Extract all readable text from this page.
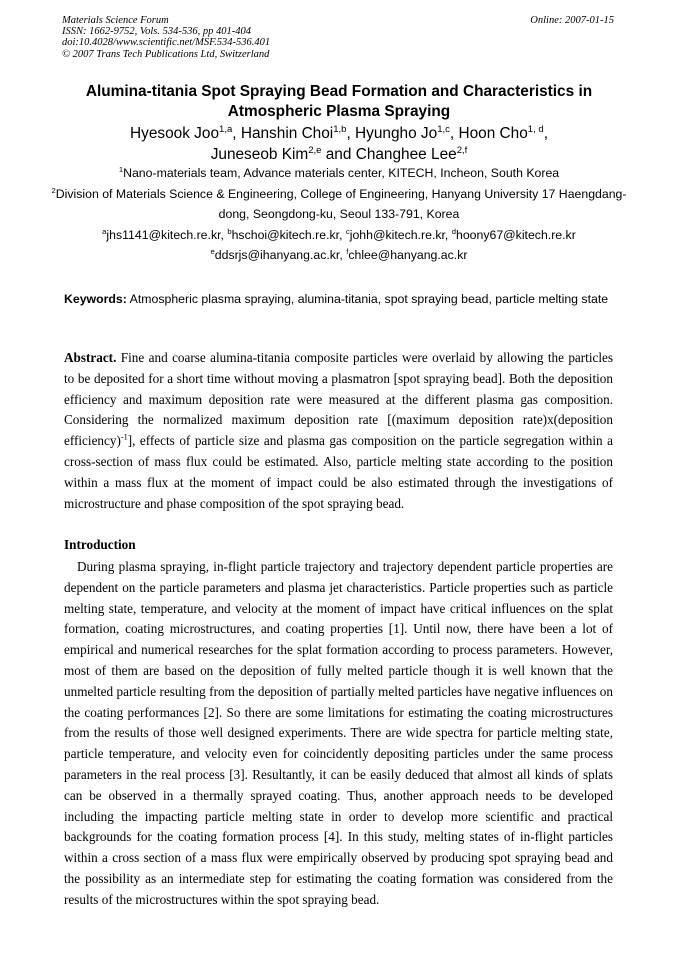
Materials Science Forum
ISSN: 1662-9752, Vols. 534-536, pp 401-404
doi:10.4028/www.scientific.net/MSF.534-536.401
© 2007 Trans Tech Publications Ltd, Switzerland
Online: 2007-01-15
Alumina-titania Spot Spraying Bead Formation and Characteristics in Atmospheric Plasma Spraying
Hyesook Joo$^{1,a}$, Hanshin Choi$^{1,b}$, Hyungho Jo$^{1,c}$, Hoon Cho$^{1, d}$,
Juneseob Kim$^{2,e}$ and Changhee Lee$^{2,f}$
$^1$Nano-materials team, Advance materials center, KITECH, Incheon, South Korea
$^2$Division of Materials Science & Engineering, College of Engineering, Hanyang University 17 Haengdang-dong, Seongdong-ku, Seoul 133-791, Korea
$^a$jhs1141@kitech.re.kr, $^b$hschoi@kitech.re.kr, $^c$johh@kitech.re.kr, $^d$hoony67@kitech.re.kr
$^e$ddsrjs@ihanyang.ac.kr, $^f$chlee@hanyang.ac.kr
Keywords: Atmospheric plasma spraying, alumina-titania, spot spraying bead, particle melting state
Abstract. Fine and coarse alumina-titania composite particles were overlaid by allowing the particles to be deposited for a short time without moving a plasmatron [spot spraying bead]. Both the deposition efficiency and maximum deposition rate were measured at the different plasma gas composition. Considering the normalized maximum deposition rate [(maximum deposition rate)x(deposition efficiency)$^{-1}$], effects of particle size and plasma gas composition on the particle segregation within a cross-section of mass flux could be estimated. Also, particle melting state according to the position within a mass flux at the moment of impact could be also estimated through the investigations of microstructure and phase composition of the spot spraying bead.
Introduction
During plasma spraying, in-flight particle trajectory and trajectory dependent particle properties are dependent on the particle parameters and plasma jet characteristics. Particle properties such as particle melting state, temperature, and velocity at the moment of impact have critical influences on the splat formation, coating microstructures, and coating properties [1]. Until now, there have been a lot of empirical and numerical researches for the splat formation according to process parameters. However, most of them are based on the deposition of fully melted particle though it is well known that the unmelted particle resulting from the deposition of partially melted particles have negative influences on the coating performances [2]. So there are some limitations for estimating the coating microstructures from the results of those well designed experiments. There are wide spectra for particle melting state, particle temperature, and velocity even for coincidently depositing particles under the same process parameters in the real process [3]. Resultantly, it can be easily deduced that almost all kinds of splats can be observed in a thermally sprayed coating. Thus, another approach needs to be developed including the impacting particle melting state in order to develop more scientific and practical backgrounds for the coating formation process [4]. In this study, melting states of in-flight particles within a cross section of a mass flux were empirically observed by producing spot spraying bead and the possibility as an intermediate step for estimating the coating formation was considered from the results of the microstructures within the spot spraying bead.
